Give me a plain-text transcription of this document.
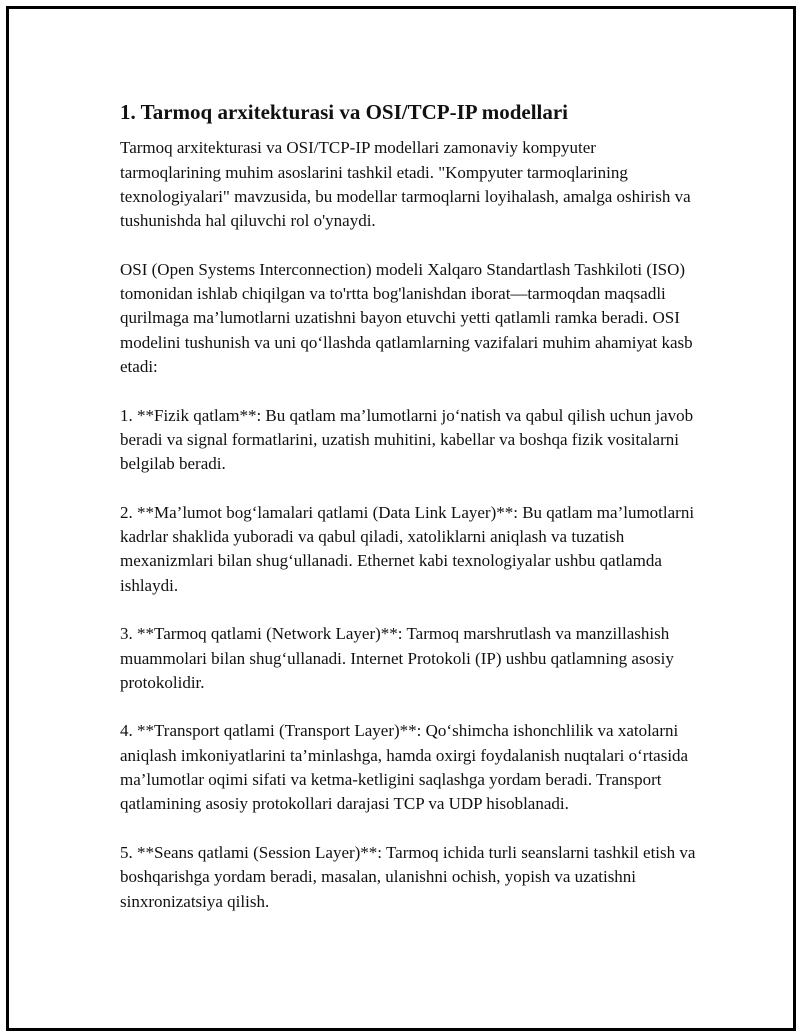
1. Tarmoq arxitekturasi va OSI/TCP-IP modellari

Tarmoq arxitekturasi va OSI/TCP-IP modellari zamonaviy kompyuter tarmoqlarining muhim asoslarini tashkil etadi. "Kompyuter tarmoqlarining texnologiyalari" mavzusida, bu modellar tarmoqlarni loyihalash, amalga oshirish va tushunishda hal qiluvchi rol o'ynaydi.

OSI (Open Systems Interconnection) modeli Xalqaro Standartlash Tashkiloti (ISO) tomonidan ishlab chiqilgan va to'rtta bog'lanishdan iborat—tarmoqdan maqsadli qurilmaga ma’lumotlarni uzatishni bayon etuvchi yetti qatlamli ramka beradi. OSI modelini tushunish va uni qo‘llashda qatlamlarning vazifalari muhim ahamiyat kasb etadi:

1. **Fizik qatlam**: Bu qatlam ma’lumotlarni jo‘natish va qabul qilish uchun javob beradi va signal formatlarini, uzatish muhitini, kabellar va boshqa fizik vositalarni belgilab beradi.

2. **Ma’lumot bog‘lamalari qatlami (Data Link Layer)**: Bu qatlam ma’lumotlarni kadrlar shaklida yuboradi va qabul qiladi, xatoliklarni aniqlash va tuzatish mexanizmlari bilan shug‘ullanadi. Ethernet kabi texnologiyalar ushbu qatlamda ishlaydi.

3. **Tarmoq qatlami (Network Layer)**: Tarmoq marshrutlash va manzillashish muammolari bilan shug‘ullanadi. Internet Protokoli (IP) ushbu qatlamning asosiy protokolidir.

4. **Transport qatlami (Transport Layer)**: Qo‘shimcha ishonchlilik va xatolarni aniqlash imkoniyatlarini ta’minlashga, hamda oxirgi foydalanish nuqtalari o‘rtasida ma’lumotlar oqimi sifati va ketma-ketligini saqlashga yordam beradi. Transport qatlamining asosiy protokollari darajasi TCP va UDP hisoblanadi.

5. **Seans qatlami (Session Layer)**: Tarmoq ichida turli seanslarni tashkil etish va boshqarishga yordam beradi, masalan, ulanishni ochish, yopish va uzatishni sinxronizatsiya qilish.
